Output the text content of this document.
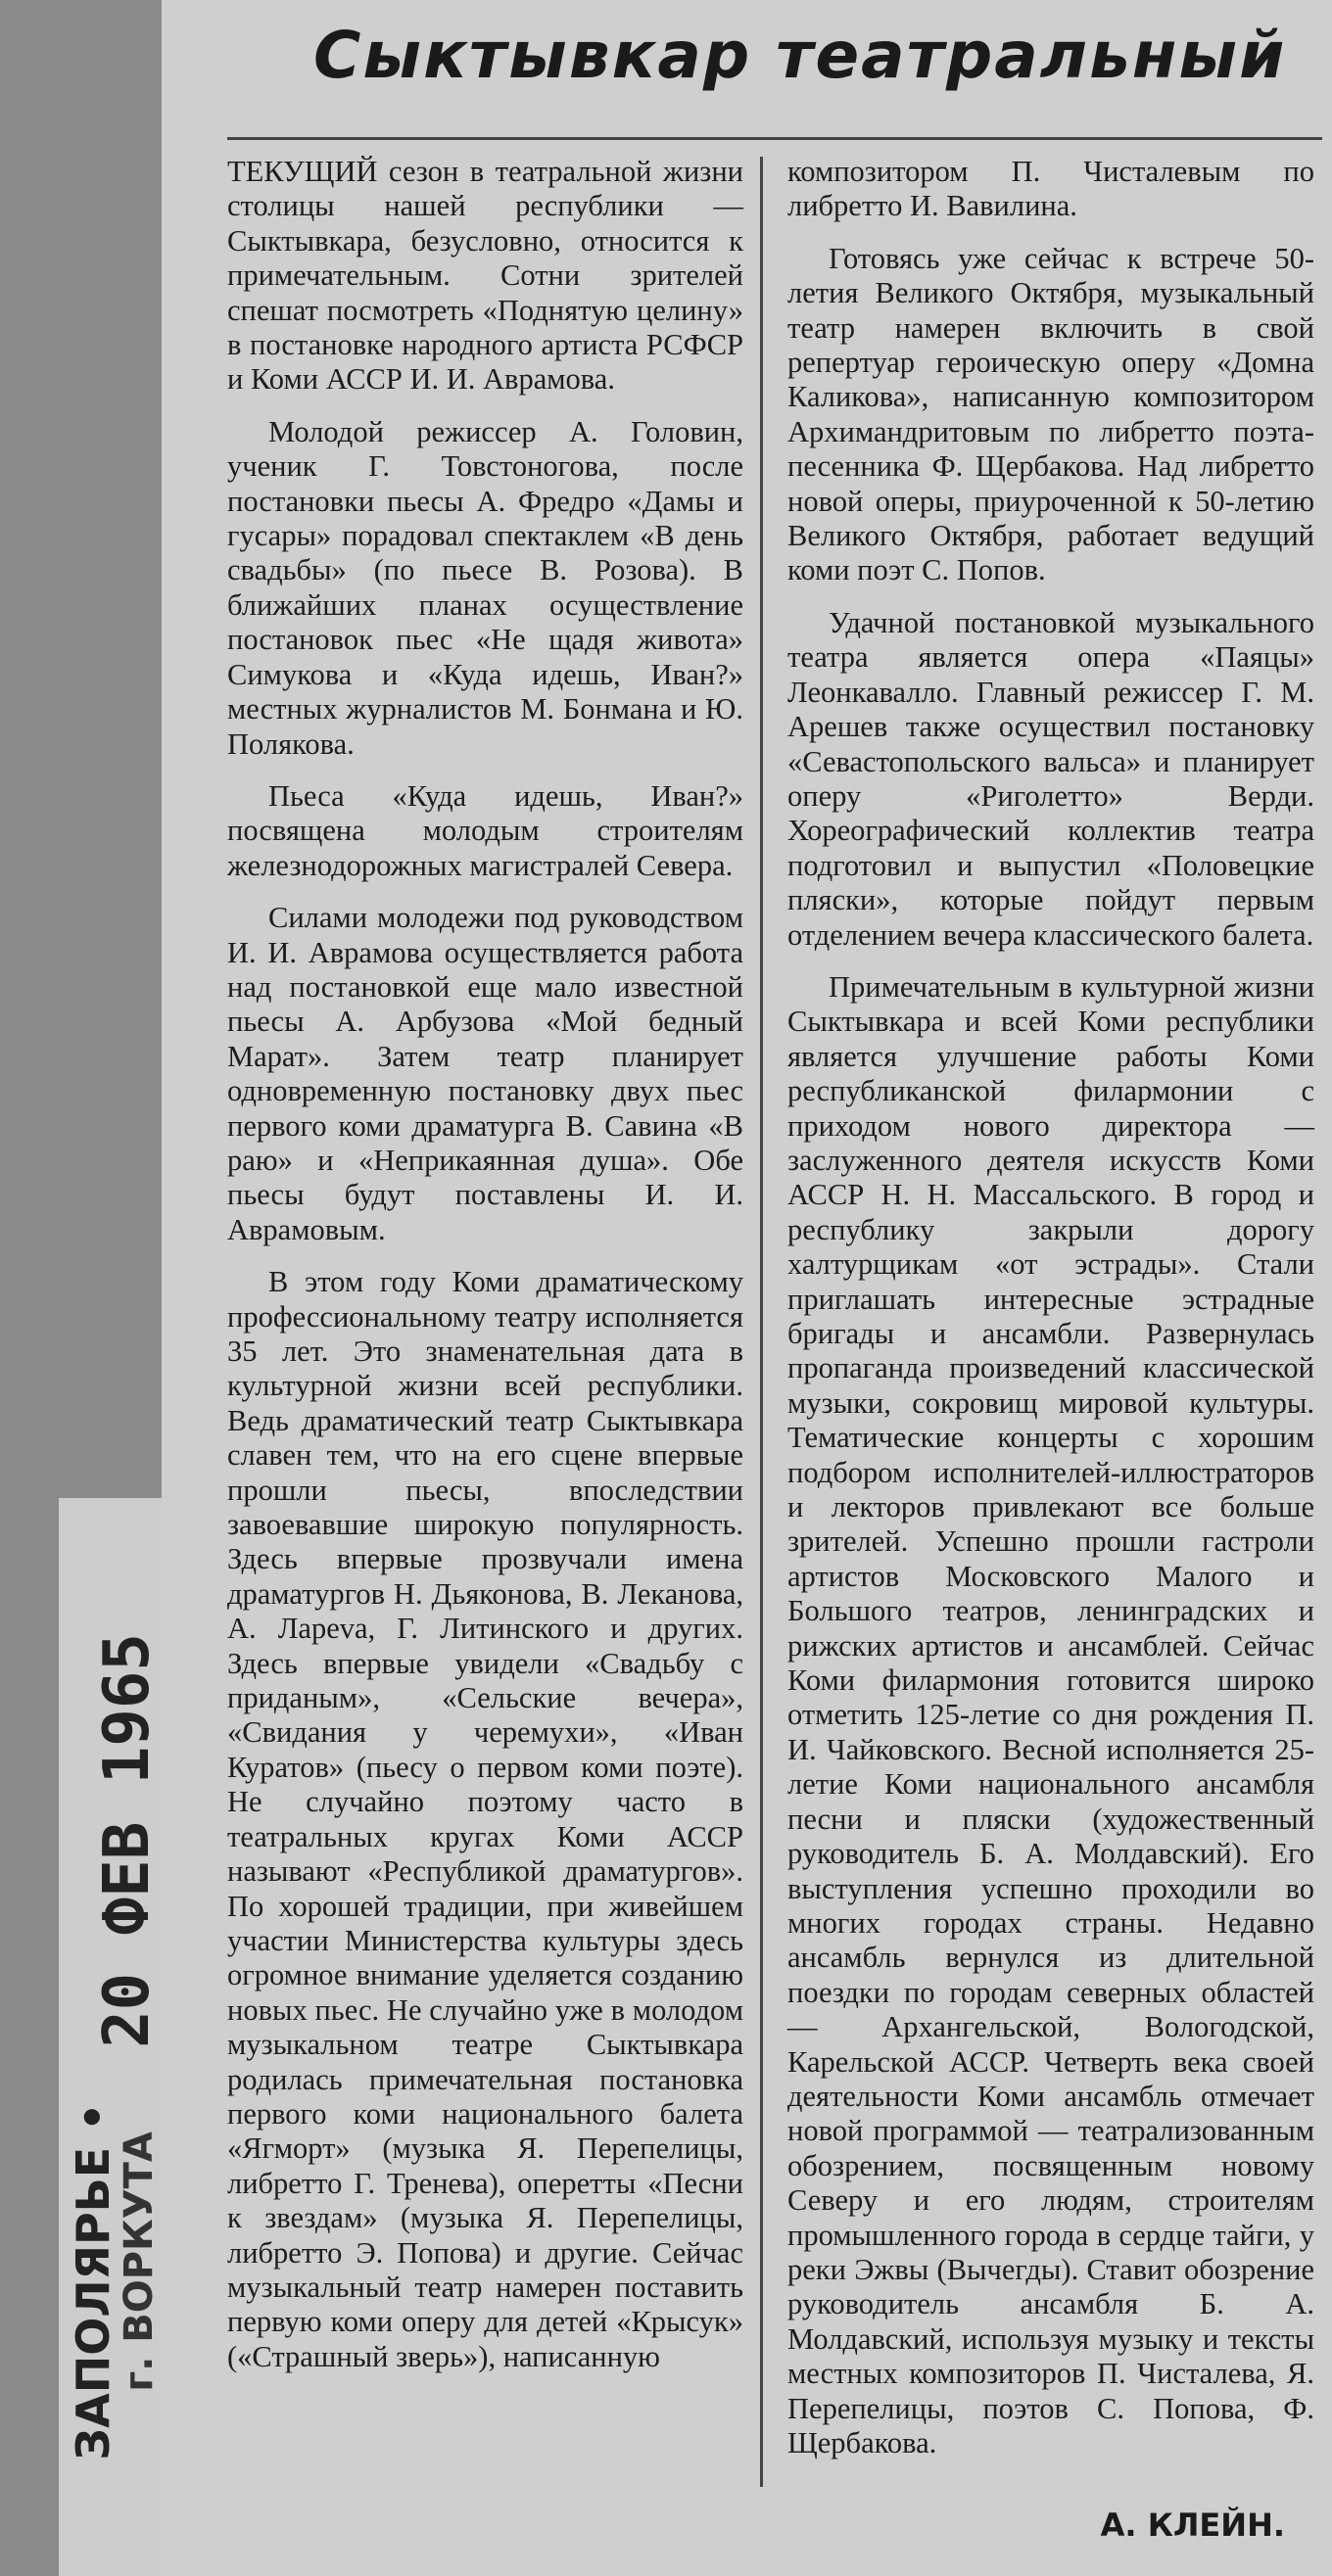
20 ФЕВ 1965
ЗАПОЛЯРЬЕ •
г. ВОРКУТА
Сыктывкар театральный

ТЕКУЩИЙ сезон в театральной жизни столицы нашей республики — Сыктывкара, безусловно, относится к примечательным. Сотни зрителей спешат посмотреть «Поднятую целину» в постановке народного артиста РСФСР и Коми АССР И. И. Аврамова.

Молодой режиссер А. Головин, ученик Г. Товстоногова, после постановки пьесы А. Фредро «Дамы и гусары» порадовал спектаклем «В день свадьбы» (по пьесе В. Розова). В ближайших планах осуществление постановок пьес «Не щадя живота» Симукова и «Куда идешь, Иван?» местных журналистов М. Бонмана и Ю. Полякова.

Пьеса «Куда идешь, Иван?» посвящена молодым строителям железнодорожных магистралей Севера.

Силами молодежи под руководством И. И. Аврамова осуществляется работа над постановкой еще мало известной пьесы А. Арбузова «Мой бедный Марат». Затем театр планирует одновременную постановку двух пьес первого коми драматурга В. Савина «В раю» и «Неприкаянная душа». Обе пьесы будут поставлены И. И. Аврамовым.

В этом году Коми драматическому профессиональному театру исполняется 35 лет. Это знаменательная дата в культурной жизни всей республики. Ведь драматический театр Сыктывкара славен тем, что на его сцене впервые прошли пьесы, впоследствии завоевавшие широкую популярность. Здесь впервые прозвучали имена драматургов Н. Дьяконова, В. Леканова, А. Лареva, Г. Литинского и других. Здесь впервые увидели «Свадьбу с приданым», «Сельские вечера», «Свидания у черемухи», «Иван Куратов» (пьесу о первом коми поэте). Не случайно поэтому часто в театральных кругах Коми АССР называют «Республикой драматургов». По хорошей традиции, при живейшем участии Министерства культуры здесь огромное внимание уделяется созданию новых пьес. Не случайно уже в молодом музыкальном театре Сыктывкара родилась примечательная постановка первого коми национального балета «Ягморт» (музыка Я. Перепелицы, либретто Г. Тренева), оперетты «Песни к звездам» (музыка Я. Перепелицы, либретто Э. Попова) и другие. Сейчас музыкальный театр намерен поставить первую коми оперу для детей «Крысук» («Страшный зверь»), написанную

композитором П. Чисталевым по либретто И. Вавилина.

Готовясь уже сейчас к встрече 50-летия Великого Октября, музыкальный театр намерен включить в свой репертуар героическую оперу «Домна Каликова», написанную композитором Архимандритовым по либретто поэта-песенника Ф. Щербакова. Над либретто новой оперы, приуроченной к 50-летию Великого Октября, работает ведущий коми поэт С. Попов.

Удачной постановкой музыкального театра является опера «Паяцы» Леонкавалло. Главный режиссер Г. М. Арешев также осуществил постановку «Севастопольского вальса» и планирует оперу «Риголетто» Верди. Хореографический коллектив театра подготовил и выпустил «Половецкие пляски», которые пойдут первым отделением вечера классического балета.

Примечательным в культурной жизни Сыктывкара и всей Коми республики является улучшение работы Коми республиканской филармонии с приходом нового директора — заслуженного деятеля искусств Коми АССР Н. Н. Массальского. В город и республику закрыли дорогу халтурщикам «от эстрады». Стали приглашать интересные эстрадные бригады и ансамбли. Развернулась пропаганда произведений классической музыки, сокровищ мировой культуры. Тематические концерты с хорошим подбором исполнителей-иллюстраторов и лекторов привлекают все больше зрителей. Успешно прошли гастроли артистов Московского Малого и Большого театров, ленинградских и рижских артистов и ансамблей. Сейчас Коми филармония готовится широко отметить 125-летие со дня рождения П. И. Чайковского. Весной исполняется 25-летие Коми национального ансамбля песни и пляски (художественный руководитель Б. А. Молдавский). Его выступления успешно проходили во многих городах страны. Недавно ансамбль вернулся из длительной поездки по городам северных областей — Архангельской, Вологодской, Карельской АССР. Четверть века своей деятельности Коми ансамбль отмечает новой программой — театрализованным обозрением, посвященным новому Северу и его людям, строителям промышленного города в сердце тайги, у реки Эжвы (Вычегды). Ставит обозрение руководитель ансамбля Б. А. Молдавский, используя музыку и тексты местных композиторов П. Чисталева, Я. Перепелицы, поэтов С. Попова, Ф. Щербакова.

А. КЛЕЙН.
